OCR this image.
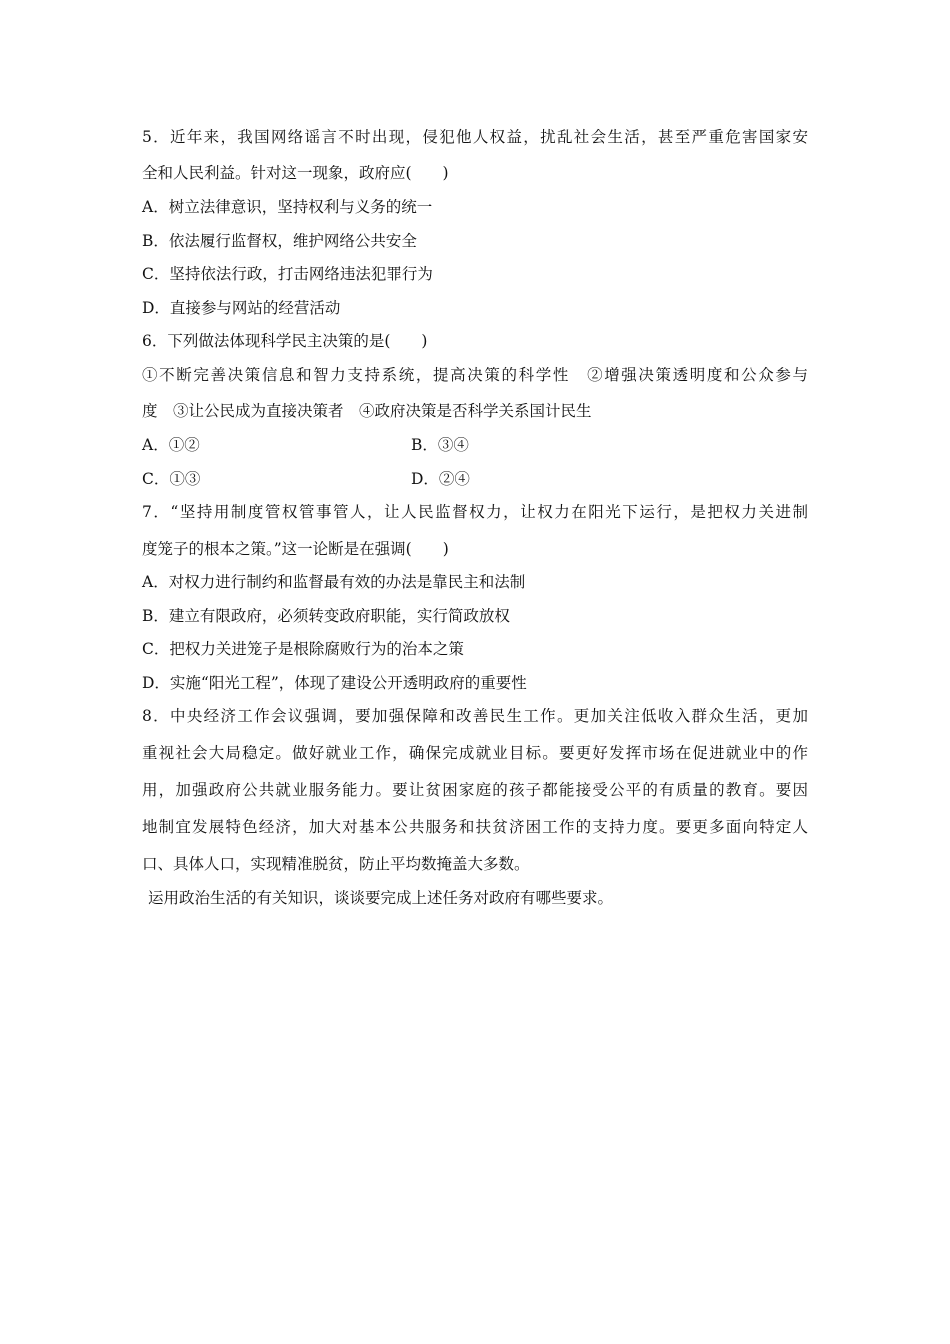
5．近年来，我国网络谣言不时出现，侵犯他人权益，扰乱社会生活，甚至严重危害国家安

全和人民利益。针对这一现象，政府应(　　)

A．树立法律意识，坚持权利与义务的统一

B．依法履行监督权，维护网络公共安全

C．坚持依法行政，打击网络违法犯罪行为

D．直接参与网站的经营活动

6．下列做法体现科学民主决策的是(　　)

①不断完善决策信息和智力支持系统，提高决策的科学性　②增强决策透明度和公众参与

度　③让公民成为直接决策者　④政府决策是否科学关系国计民生

A．①②	B．③④

C．①③	D．②④

7．“坚持用制度管权管事管人，让人民监督权力，让权力在阳光下运行，是把权力关进制

度笼子的根本之策。”这一论断是在强调(　　)

A．对权力进行制约和监督最有效的办法是靠民主和法制

B．建立有限政府，必须转变政府职能，实行简政放权

C．把权力关进笼子是根除腐败行为的治本之策

D．实施“阳光工程”，体现了建设公开透明政府的重要性

8．中央经济工作会议强调，要加强保障和改善民生工作。更加关注低收入群众生活，更加

重视社会大局稳定。做好就业工作，确保完成就业目标。要更好发挥市场在促进就业中的作

用，加强政府公共就业服务能力。要让贫困家庭的孩子都能接受公平的有质量的教育。要因

地制宜发展特色经济，加大对基本公共服务和扶贫济困工作的支持力度。要更多面向特定人

口、具体人口，实现精准脱贫，防止平均数掩盖大多数。

运用政治生活的有关知识，谈谈要完成上述任务对政府有哪些要求。
